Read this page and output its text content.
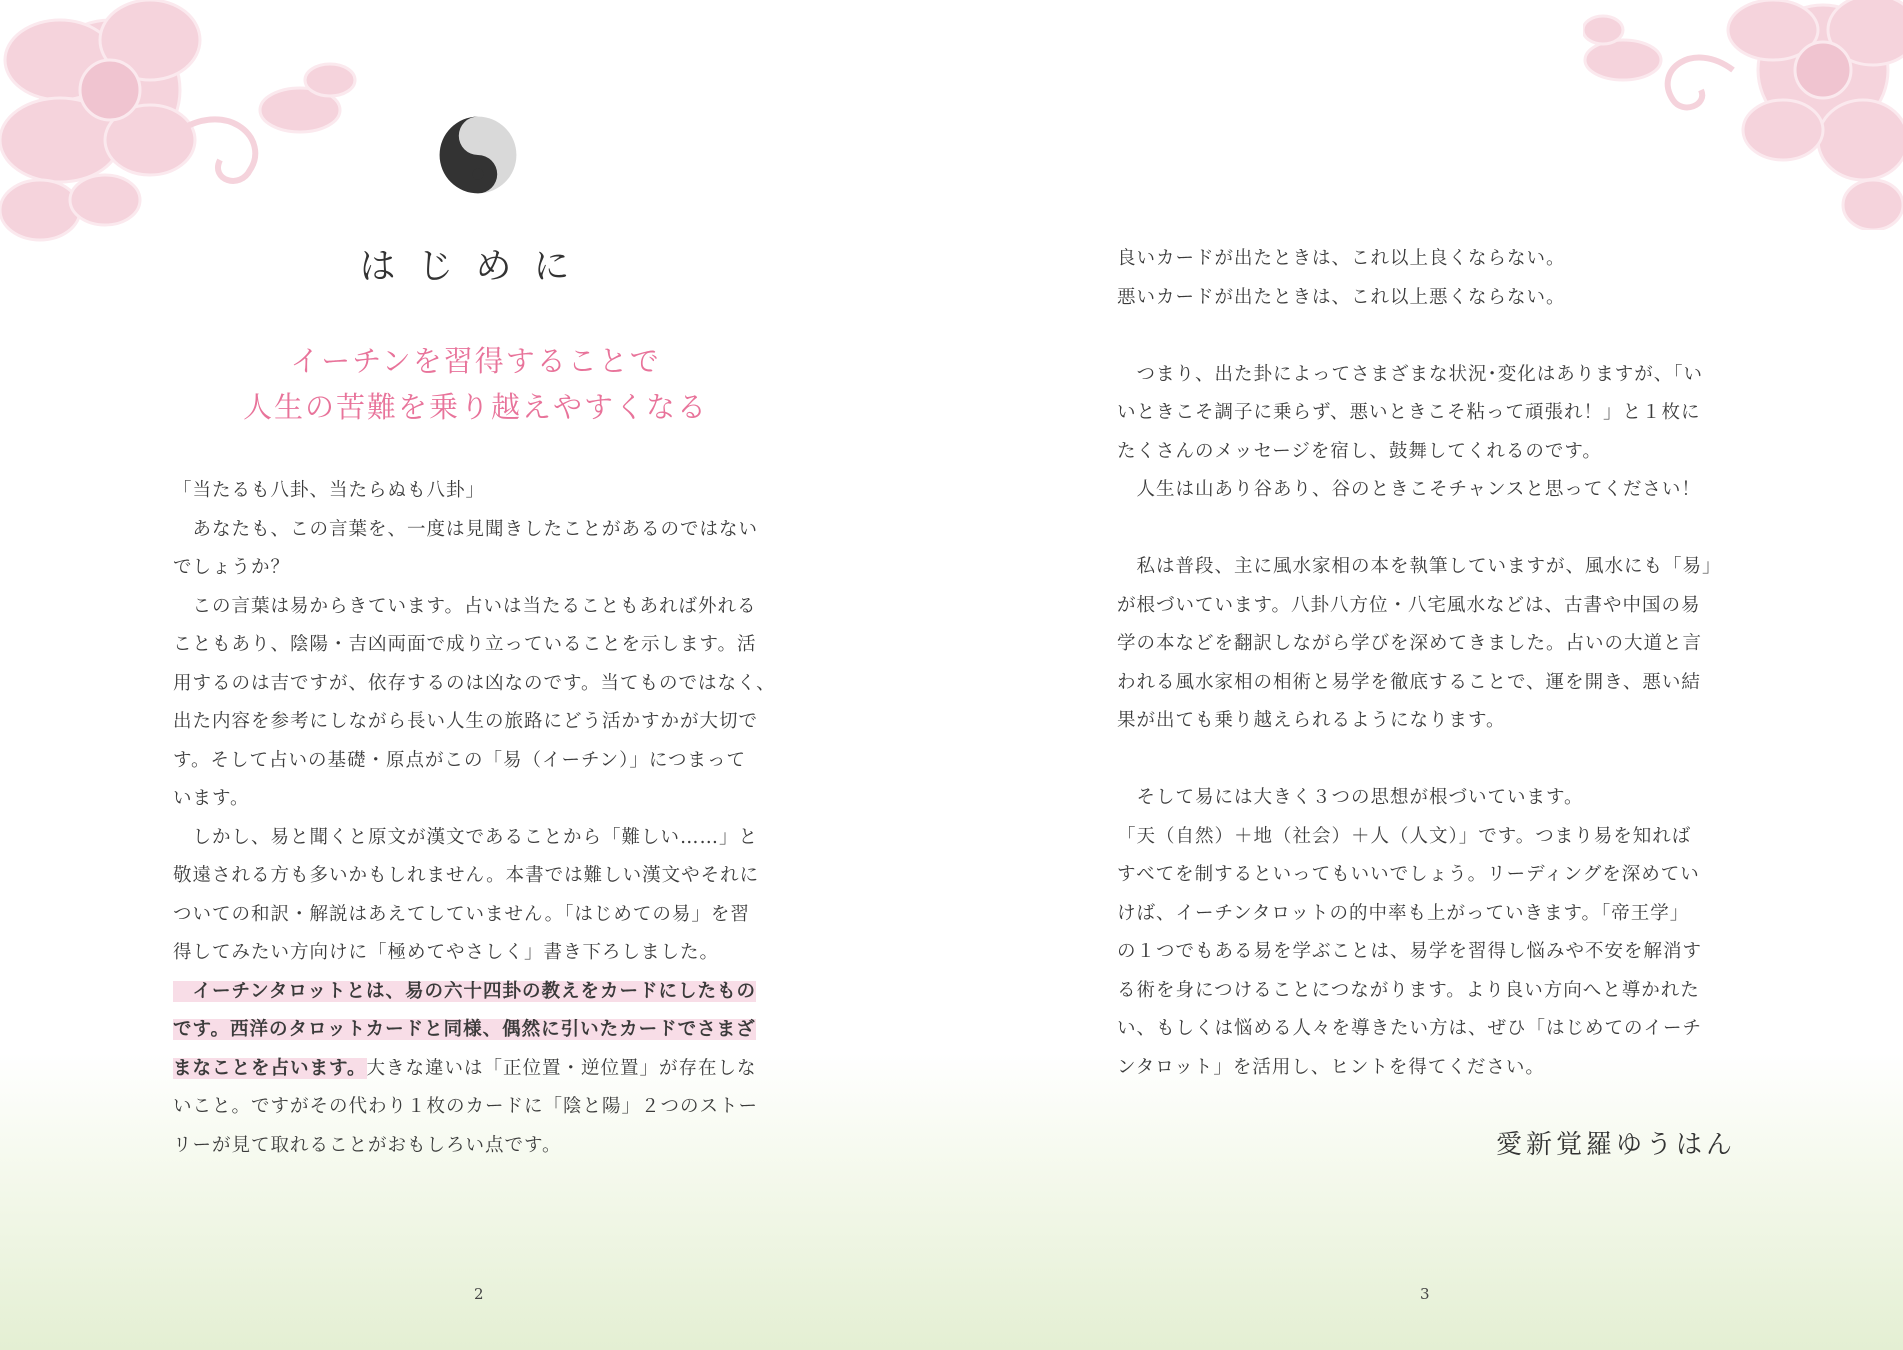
はじめに
イーチンを習得することで
人生の苦難を乗り越えやすくなる
「当たるも八卦、当たらぬも八卦」
　あなたも、この言葉を、一度は見聞きしたことがあるのではない
でしょうか？
　この言葉は易からきています。占いは当たることもあれば外れる
こともあり、陰陽・吉凶両面で成り立っていることを示します。活
用するのは吉ですが、依存するのは凶なのです。当てものではなく、
出た内容を参考にしながら長い人生の旅路にどう活かすかが大切で
す。そして占いの基礎・原点がこの「易（イーチン）」につまって
います。
　しかし、易と聞くと原文が漢文であることから「難しい……」と
敬遠される方も多いかもしれません。本書では難しい漢文やそれに
ついての和訳・解説はあえてしていません。「はじめての易」を習
得してみたい方向けに「極めてやさしく」書き下ろしました。
　イーチンタロットとは、易の六十四卦の教えをカードにしたもの
です。西洋のタロットカードと同様、偶然に引いたカードでさまざ
まなことを占います。大きな違いは「正位置・逆位置」が存在しな
いこと。ですがその代わり１枚のカードに「陰と陽」２つのストー
リーが見て取れることがおもしろい点です。
2
良いカードが出たときは、これ以上良くならない。
悪いカードが出たときは、これ以上悪くならない。
　つまり、出た卦によってさまざまな状況･変化はありますが、「い
いときこそ調子に乗らず、悪いときこそ粘って頑張れ！」と１枚に
たくさんのメッセージを宿し、鼓舞してくれるのです。
　人生は山あり谷あり、谷のときこそチャンスと思ってください！
　私は普段、主に風水家相の本を執筆していますが、風水にも「易」
が根づいています。八卦八方位・八宅風水などは、古書や中国の易
学の本などを翻訳しながら学びを深めてきました。占いの大道と言
われる風水家相の相術と易学を徹底することで、運を開き、悪い結
果が出ても乗り越えられるようになります。
　そして易には大きく３つの思想が根づいています。
「天（自然）＋地（社会）＋人（人文）」です。つまり易を知れば
すべてを制するといってもいいでしょう。リーディングを深めてい
けば、イーチンタロットの的中率も上がっていきます。「帝王学」
の１つでもある易を学ぶことは、易学を習得し悩みや不安を解消す
る術を身につけることにつながります。より良い方向へと導かれた
い、もしくは悩める人々を導きたい方は、ぜひ「はじめてのイーチ
ンタロット」を活用し、ヒントを得てください。
愛新覚羅ゆうはん
3
